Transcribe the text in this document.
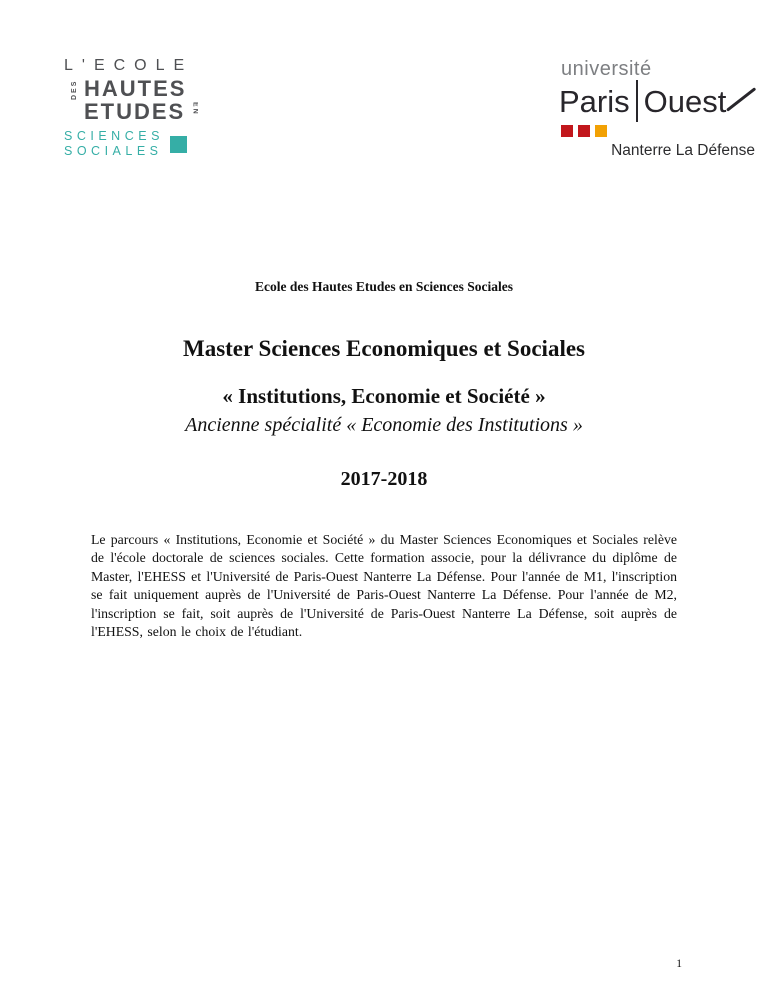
L'ECOLE
DES HAUTES
ETUDES EN
SCIENCES
SOCIALES
université
Paris Ouest
Nanterre La Défense

Ecole des Hautes Etudes en Sciences Sociales

Master Sciences Economiques et Sociales
« Institutions, Economie et Société »

Ancienne spécialité « Economie des Institutions »

2017-2018

Le parcours « Institutions, Economie et Société » du Master Sciences Economiques et Sociales relève de l'école doctorale de sciences sociales. Cette formation associe, pour la délivrance du diplôme de Master, l'EHESS et l'Université de Paris-Ouest Nanterre La Défense. Pour l'année de M1, l'inscription se fait uniquement auprès de l'Université de Paris-Ouest Nanterre La Défense. Pour l'année de M2, l'inscription se fait, soit auprès de l'Université de Paris-Ouest Nanterre La Défense, soit auprès de l'EHESS, selon le choix de l'étudiant.

1
